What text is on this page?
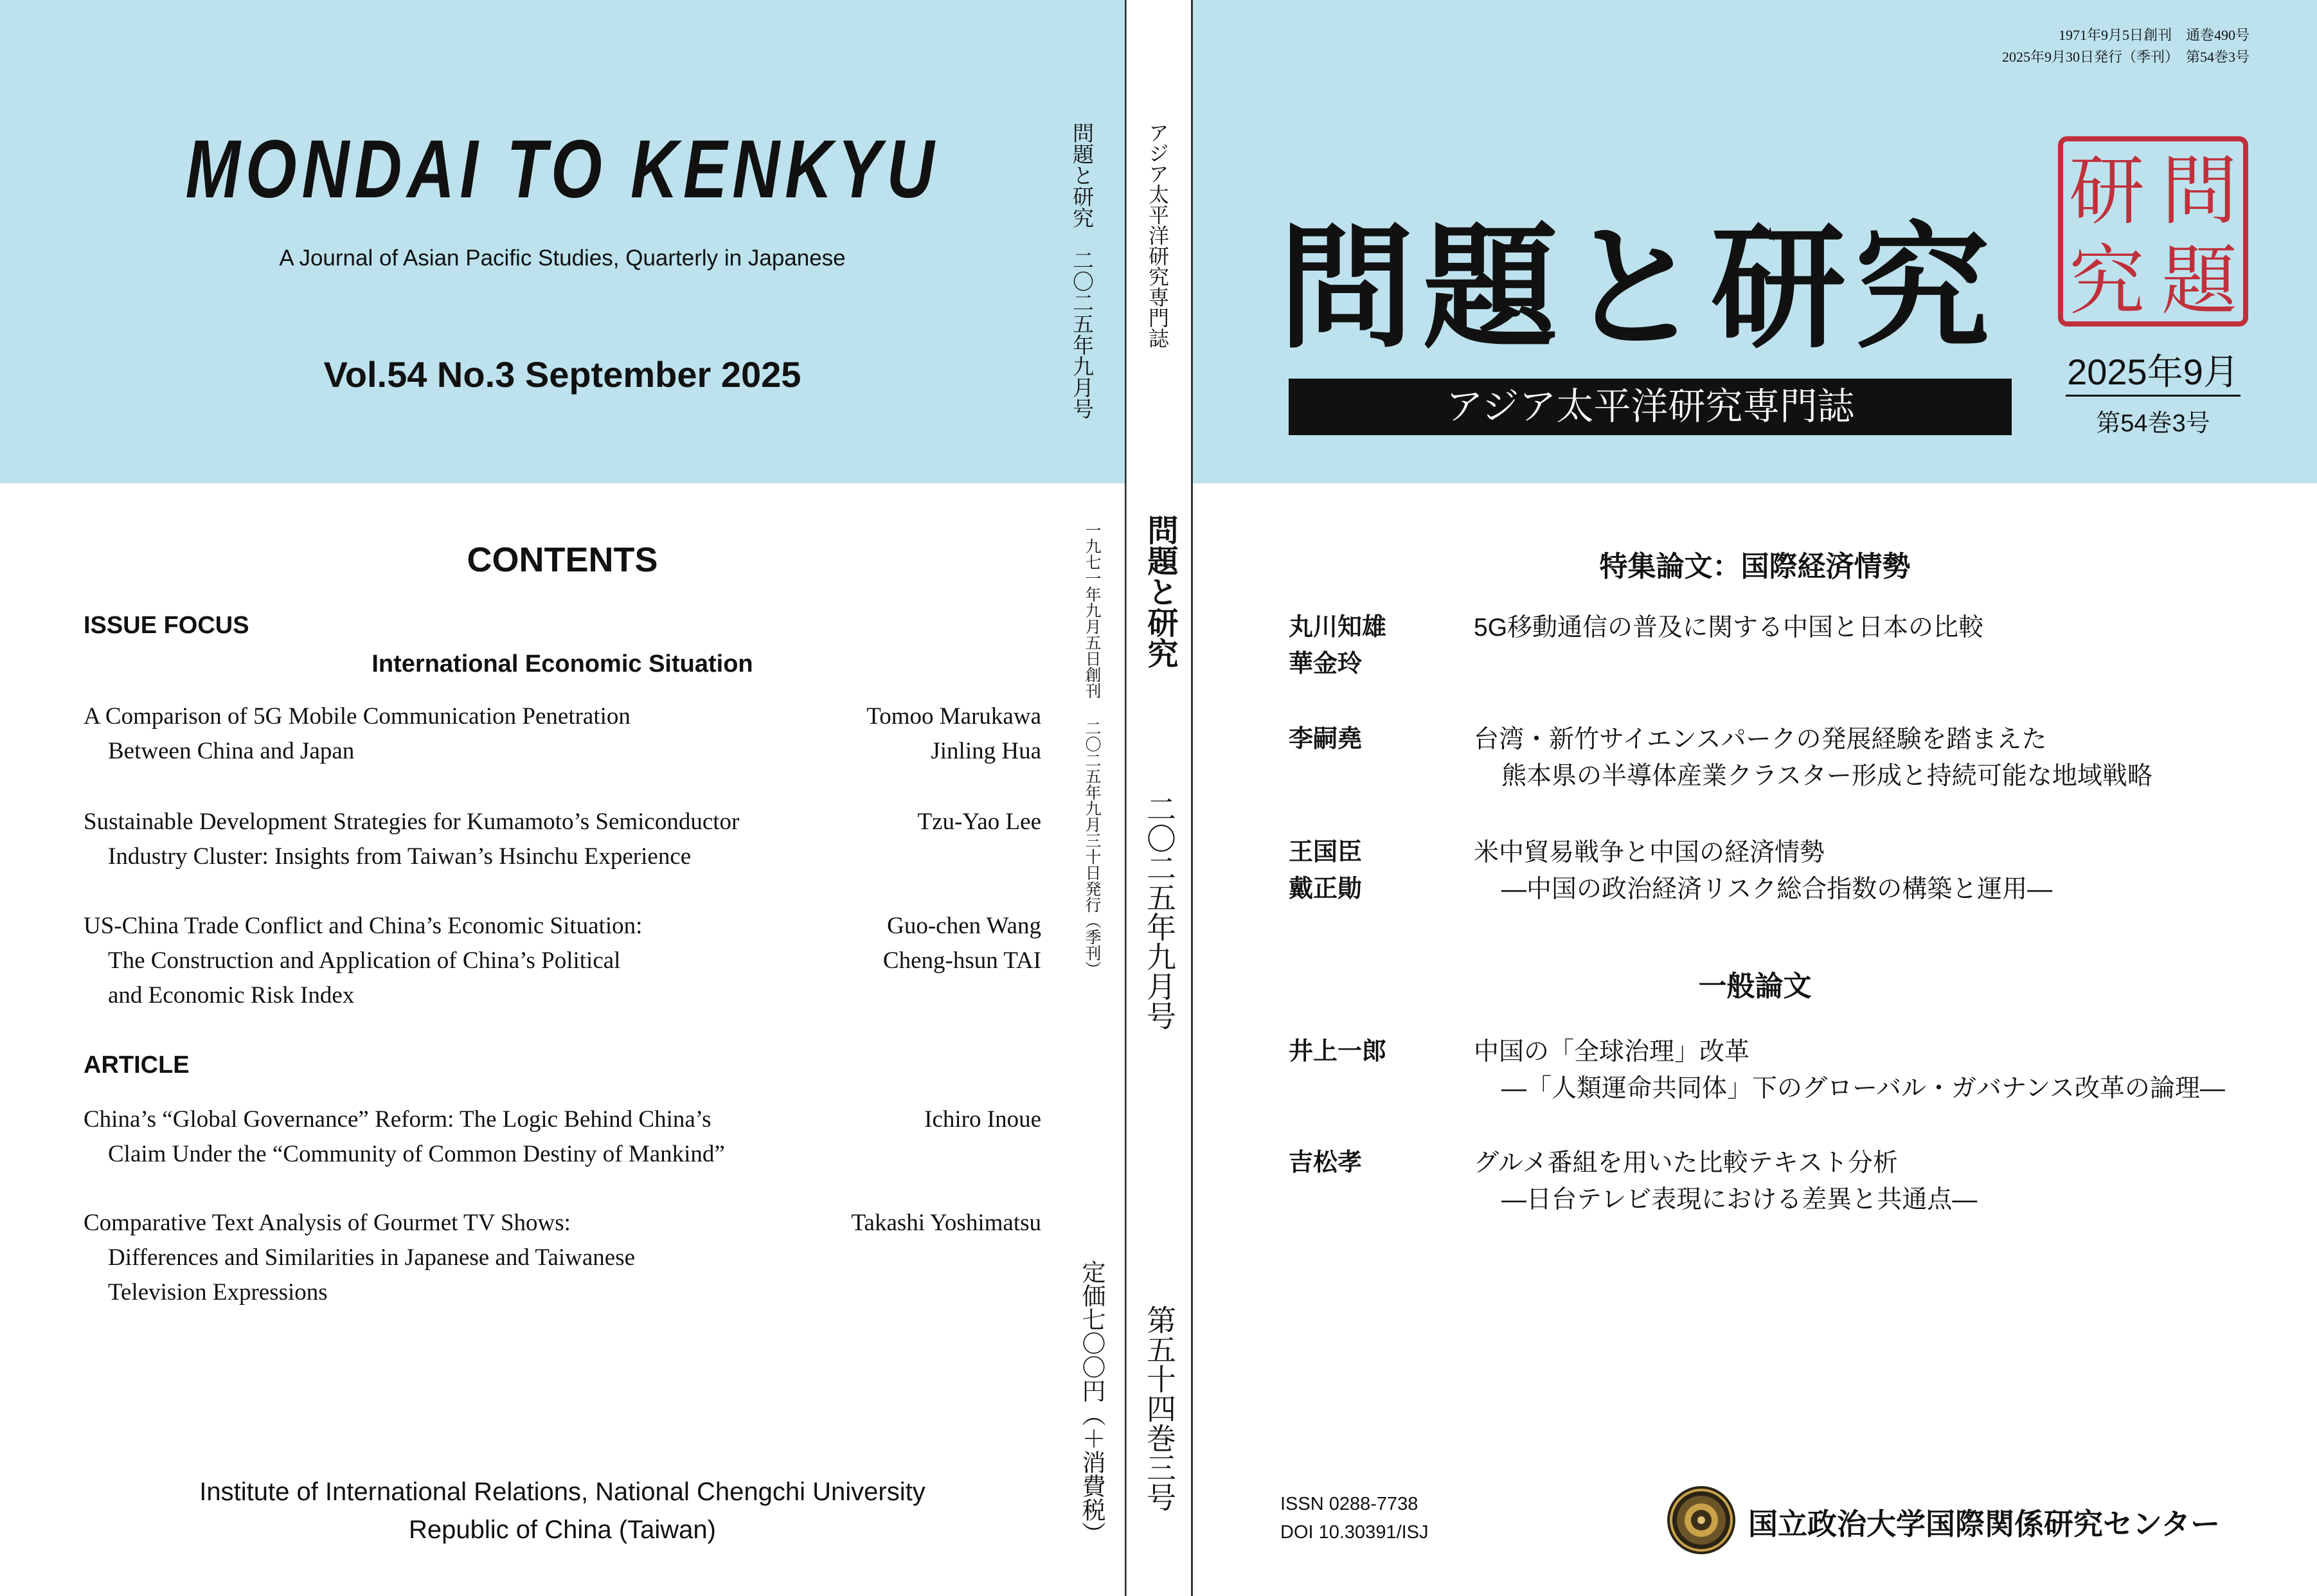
MONDAI TO KENKYU
A Journal of Asian Pacific Studies, Quarterly in Japanese
Vol.54 No.3 September 2025
CONTENTS
ISSUE FOCUS
International Economic Situation
A Comparison of 5G Mobile Communication Penetration
Between China and Japan
Tomoo Marukawa
Jinling Hua
Sustainable Development Strategies for Kumamoto’s Semiconductor
Industry Cluster: Insights from Taiwan’s Hsinchu Experience
Tzu-Yao Lee
US-China Trade Conflict and China’s Economic Situation:
The Construction and Application of China’s Political
and Economic Risk Index
Guo-chen Wang
Cheng-hsun TAI
ARTICLE
China’s “Global Governance” Reform: The Logic Behind China’s
Claim Under the “Community of Common Destiny of Mankind”
Ichiro Inoue
Comparative Text Analysis of Gourmet TV Shows:
Differences and Similarities in Japanese and Taiwanese
Television Expressions
Takashi Yoshimatsu
Institute of International Relations, National Chengchi University
Republic of China (Taiwan)
問題と研究　二〇二五年九月号
一九七一年九月五日創刊
二〇二五年九月三十日発行（季刊）
定価七〇〇円（＋消費税）
アジア太平洋研究専門誌
問題と研究
二〇二五年九月号
第五十四巻三号
1971年9月5日創刊　通巻490号
2025年9月30日発行（季刊）　第54巻3号
問題と研究
アジア太平洋研究専門誌
問
題
研
究
2025年9月
第54巻3号
特集論文：国際経済情勢
丸川知雄
華金玲
5G移動通信の普及に関する中国と日本の比較
李嗣堯	台湾・新竹サイエンスパークの発展経験を踏まえた
熊本県の半導体産業クラスター形成と持続可能な地域戦略
王国臣
戴正勛
米中貿易戦争と中国の経済情勢
―中国の政治経済リスク総合指数の構築と運用―
一般論文
井上一郎	中国の「全球治理」改革
―「人類運命共同体」下のグローバル・ガバナンス改革の論理―
吉松孝	グルメ番組を用いた比較テキスト分析
―日台テレビ表現における差異と共通点―
ISSN 0288-7738
DOI 10.30391/ISJ	国立政治大学国際関係研究センター
